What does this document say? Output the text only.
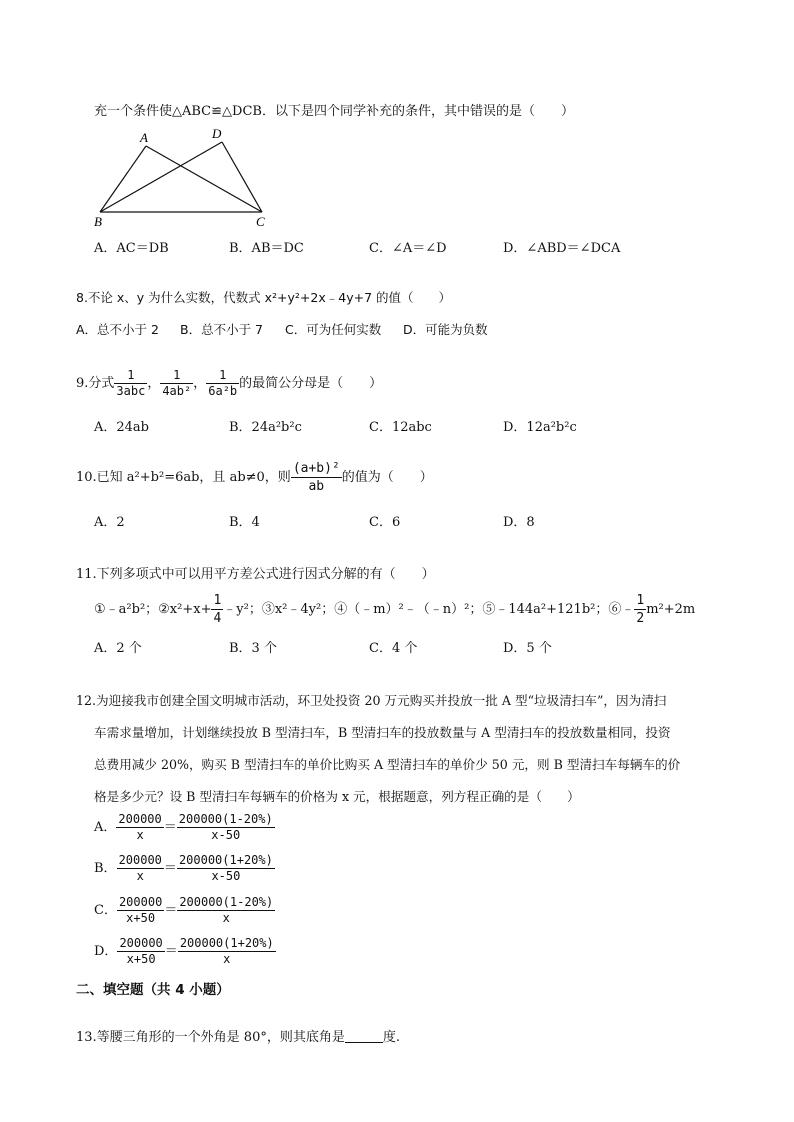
充一个条件使△ABC≌△DCB．以下是四个同学补充的条件，其中错误的是（　　）
A	D
B	C
A．AC＝DB	B．AB＝DC	C．∠A＝∠D	D．∠ABD＝∠DCA
8.不论 x、y 为什么实数，代数式 x²+y²+2x﹣4y+7 的值（　　）
A．总不小于 2 B．总不小于 7 C．可为任何实数 D．可能为负数
9.分式 $\frac{1}{\text{3abc}}$ ， $\frac{1}{\text{4ab²}}$ ， $\frac{1}{\text{6a²b}}$ 的最简公分母是（　　）
A．24ab	B．24a²b²c	C．12abc	D．12a²b²c
10.已知 a²+b²=6ab，且 ab≠0，则 $\frac{\text{(a+b)²}}{ab}$ 的值为（　　）
A．2	B．4	C．6	D．8
11.下列多项式中可以用平方差公式进行因式分解的有（　　）
①﹣a²b²；②x²+x+ $\frac{1}{4}$ ﹣y²；③x²﹣4y²；④（﹣m）²﹣（﹣n）²；⑤﹣144a²+121b²；⑥﹣ $\frac{1}{2} m^2+2m$
A．2 个	B．3 个	C．4 个	D．5 个
12.为迎接我市创建全国文明城市活动，环卫处投资 20 万元购买并投放一批 A 型“垃圾清扫车”，因为清扫
车需求量增加，计划继续投放 B 型清扫车，B 型清扫车的投放数量与 A 型清扫车的投放数量相同，投资
总费用减少 20%，购买 B 型清扫车的单价比购买 A 型清扫车的单价少 50 元，则 B 型清扫车每辆车的价
格是多少元？设 B 型清扫车每辆车的价格为 x 元，根据题意，列方程正确的是（　　）
A． $\frac{200000}{x} = \frac{200000(1-20\%)}{x-50}$
B． $\frac{200000}{x} = \frac{200000(1+20\%)}{x-50}$
C． $\frac{200000}{x+50} = \frac{200000(1-20\%)}{x}$
D． $\frac{200000}{x+50} = \frac{200000(1+20\%)}{x}$
二、填空题（共 4 小题）
13.等腰三角形的一个外角是 80°，则其底角是	度.
